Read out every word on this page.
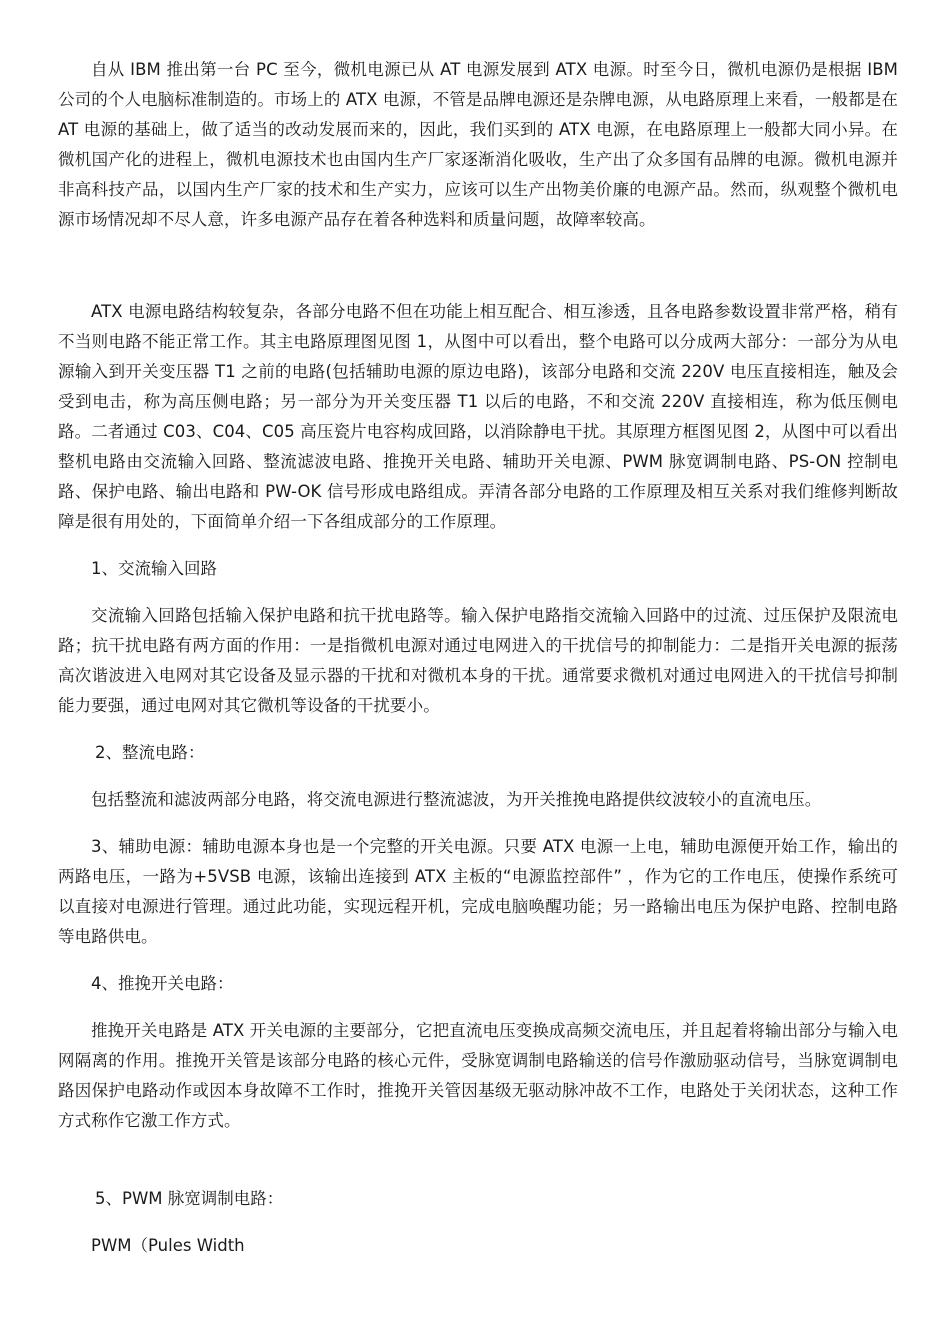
自从 IBM 推出第一台 PC 至今，微机电源已从 AT 电源发展到 ATX 电源。时至今日，微机电源仍是根据 IBM 公司的个人电脑标准制造的。市场上的 ATX 电源，不管是品牌电源还是杂牌电源，从电路原理上来看，一般都是在 AT 电源的基础上，做了适当的改动发展而来的，因此，我们买到的 ATX 电源，在电路原理上一般都大同小异。在微机国产化的进程上，微机电源技术也由国内生产厂家逐渐消化吸收，生产出了众多国有品牌的电源。微机电源并非高科技产品，以国内生产厂家的技术和生产实力，应该可以生产出物美价廉的电源产品。然而，纵观整个微机电源市场情况却不尽人意，许多电源产品存在着各种选料和质量问题，故障率较高。

ATX 电源电路结构较复杂，各部分电路不但在功能上相互配合、相互渗透，且各电路参数设置非常严格，稍有不当则电路不能正常工作。其主电路原理图见图 1，从图中可以看出，整个电路可以分成两大部分：一部分为从电源输入到开关变压器 T1 之前的电路(包括辅助电源的原边电路)，该部分电路和交流 220V 电压直接相连，触及会受到电击，称为高压侧电路；另一部分为开关变压器 T1 以后的电路，不和交流 220V 直接相连，称为低压侧电路。二者通过 C03、C04、C05 高压瓷片电容构成回路，以消除静电干扰。其原理方框图见图 2，从图中可以看出整机电路由交流输入回路、整流滤波电路、推挽开关电路、辅助开关电源、PWM 脉宽调制电路、PS-ON 控制电路、保护电路、输出电路和 PW-OK 信号形成电路组成。弄清各部分电路的工作原理及相互关系对我们维修判断故障是很有用处的，下面简单介绍一下各组成部分的工作原理。

1、交流输入回路

交流输入回路包括输入保护电路和抗干扰电路等。输入保护电路指交流输入回路中的过流、过压保护及限流电路；抗干扰电路有两方面的作用：一是指微机电源对通过电网进入的干扰信号的抑制能力：二是指开关电源的振荡高次谐波进入电网对其它设备及显示器的干扰和对微机本身的干扰。通常要求微机对通过电网进入的干扰信号抑制能力要强，通过电网对其它微机等设备的干扰要小。

2、整流电路：

包括整流和滤波两部分电路，将交流电源进行整流滤波，为开关推挽电路提供纹波较小的直流电压。

3、辅助电源：辅助电源本身也是一个完整的开关电源。只要 ATX 电源一上电，辅助电源便开始工作，输出的两路电压，一路为+5VSB 电源，该输出连接到 ATX 主板的“电源监控部件” ，作为它的工作电压，使操作系统可以直接对电源进行管理。通过此功能，实现远程开机，完成电脑唤醒功能；另一路输出电压为保护电路、控制电路等电路供电。

4、推挽开关电路：

推挽开关电路是 ATX 开关电源的主要部分，它把直流电压变换成高频交流电压，并且起着将输出部分与输入电网隔离的作用。推挽开关管是该部分电路的核心元件，受脉宽调制电路输送的信号作激励驱动信号，当脉宽调制电路因保护电路动作或因本身故障不工作时，推挽开关管因基级无驱动脉冲故不工作，电路处于关闭状态，这种工作方式称作它激工作方式。

5、PWM 脉宽调制电路：

PWM（Pules Width
